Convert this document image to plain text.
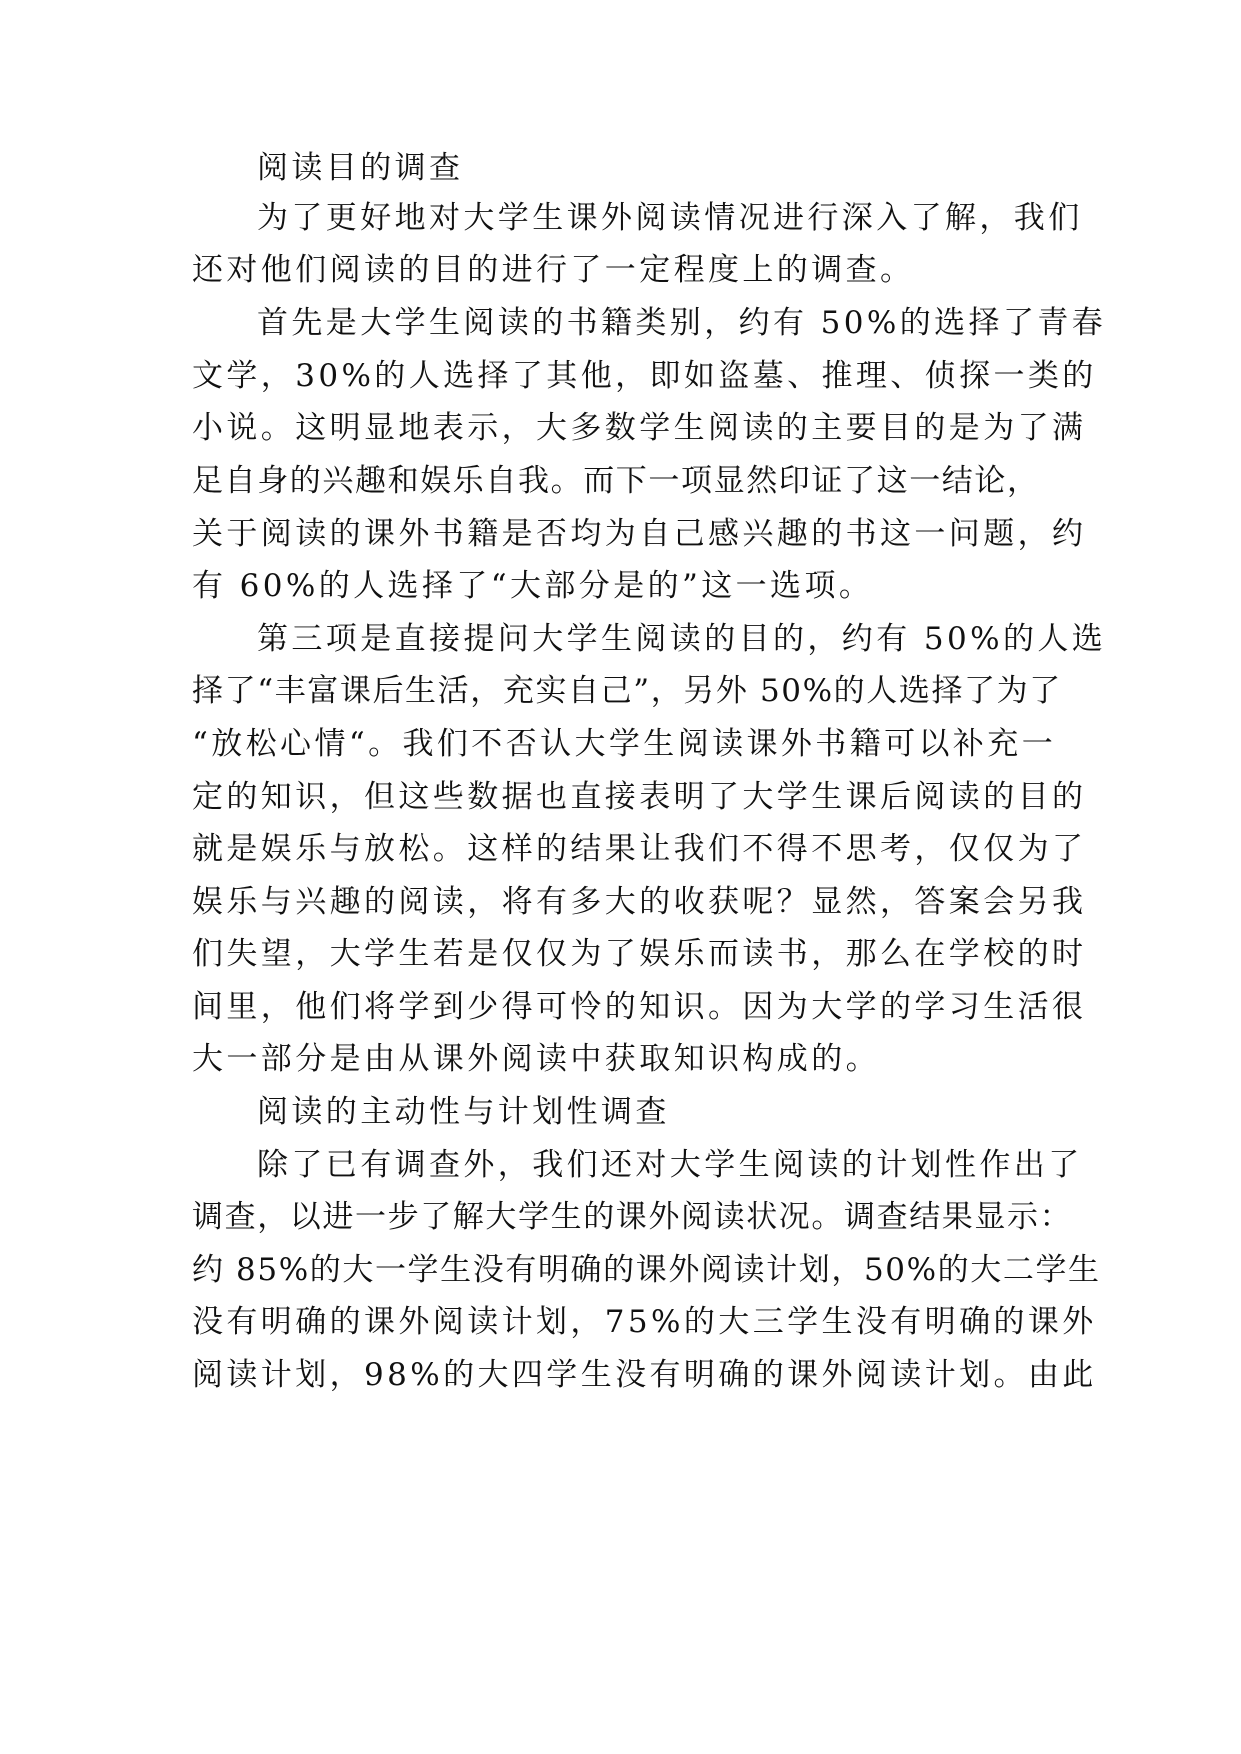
阅读目的调查

为了更好地对大学生课外阅读情况进行深入了解，我们

还对他们阅读的目的进行了一定程度上的调查。

首先是大学生阅读的书籍类别，约有 50%的选择了青春

文学，30%的人选择了其他，即如盗墓、推理、侦探一类的

小说。这明显地表示，大多数学生阅读的主要目的是为了满

足自身的兴趣和娱乐自我。而下一项显然印证了这一结论，

关于阅读的课外书籍是否均为自己感兴趣的书这一问题，约

有 60%的人选择了“大部分是的”这一选项。

第三项是直接提问大学生阅读的目的，约有 50%的人选

择了“丰富课后生活，充实自己”，另外 50%的人选择了为了

“放松心情“。我们不否认大学生阅读课外书籍可以补充一

定的知识，但这些数据也直接表明了大学生课后阅读的目的

就是娱乐与放松。这样的结果让我们不得不思考，仅仅为了

娱乐与兴趣的阅读，将有多大的收获呢？显然，答案会另我

们失望，大学生若是仅仅为了娱乐而读书，那么在学校的时

间里，他们将学到少得可怜的知识。因为大学的学习生活很

大一部分是由从课外阅读中获取知识构成的。

阅读的主动性与计划性调查

除了已有调查外，我们还对大学生阅读的计划性作出了

调查，以进一步了解大学生的课外阅读状况。调查结果显示：

约 85%的大一学生没有明确的课外阅读计划，50%的大二学生

没有明确的课外阅读计划，75%的大三学生没有明确的课外

阅读计划，98%的大四学生没有明确的课外阅读计划。由此
